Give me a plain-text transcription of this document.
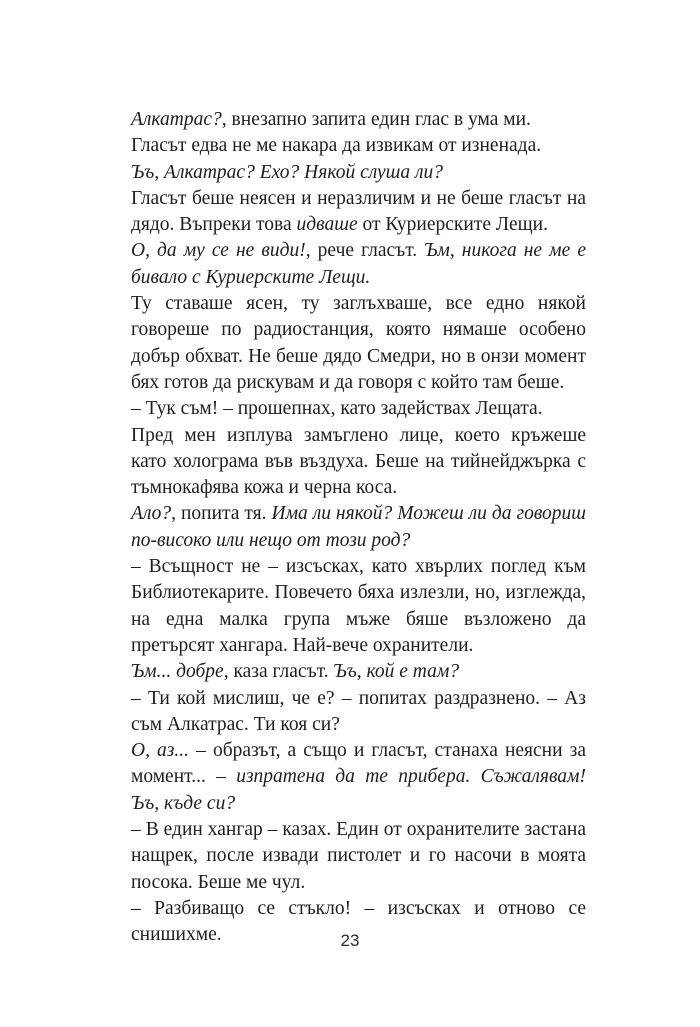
Алкатрас?, внезапно запита един глас в ума ми.

Гласът едва не ме накара да извикам от изненада.

Ъъ, Алкатрас? Ехо? Някой слуша ли?

Гласът беше неясен и неразличим и не беше гласът на дядо. Въпреки това идваше от Куриерските Лещи.

О, да му се не види!, рече гласът. Ъм, никога не ме е бивало с Куриерските Лещи.

Ту ставаше ясен, ту заглъхваше, все едно някой говореше по радиостанция, която нямаше особено добър обхват. Не беше дядо Смедри, но в онзи момент бях готов да рискувам и да говоря с който там беше.

– Тук съм! – прошепнах, като задействах Лещата.

Пред мен изплува замъглено лице, което кръжеше като холограма във въздуха. Беше на тийнейджърка с тъмнокафява кожа и черна коса.

Ало?, попита тя. Има ли някой? Можеш ли да говориш по-високо или нещо от този род?

– Всъщност не – изсъсках, като хвърлих поглед към Библиотекарите. Повечето бяха излезли, но, изглежда, на една малка група мъже бяше възложено да претърсят хангара. Най-вече охранители.

Ъм... добре, каза гласът. Ъъ, кой е там?

– Ти кой мислиш, че е? – попитах раздразнено. – Аз съм Алкатрас. Ти коя си?

О, аз... – образът, а също и гласът, станаха неясни за момент... – изпратена да те прибера. Съжалявам! Ъъ, къде си?

– В един хангар – казах. Един от охранителите застана нащрек, после извади пистолет и го насочи в моята посока. Беше ме чул.

– Разбиващо се стъкло! – изсъсках и отново се снишихме.	23
